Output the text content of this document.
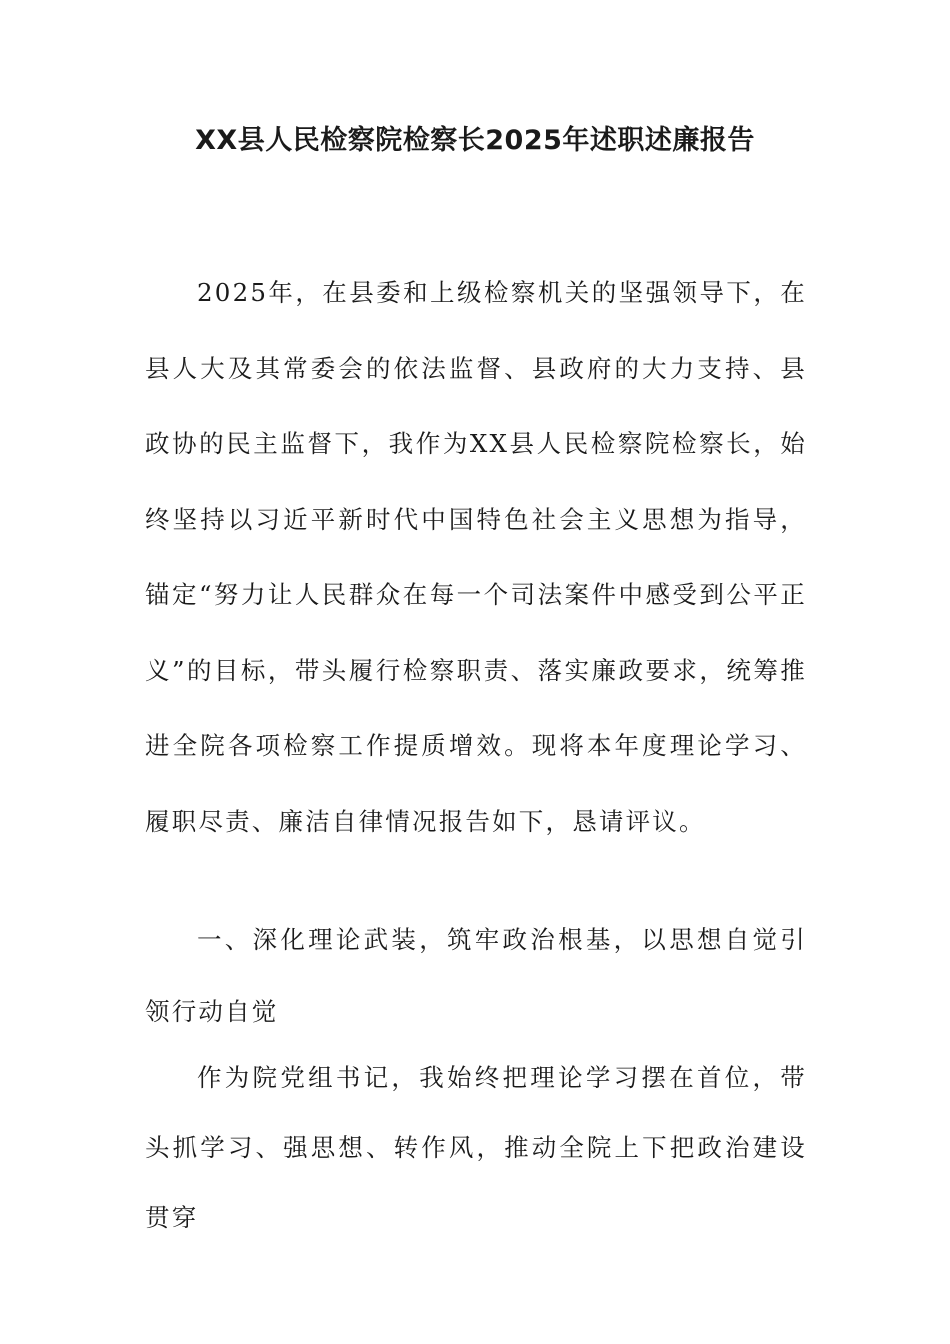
XX县人民检察院检察长2025年述职述廉报告

2025年，在县委和上级检察机关的坚强领导下，在县人大及其常委会的依法监督、县政府的大力支持、县政协的民主监督下，我作为XX县人民检察院检察长，始终坚持以习近平新时代中国特色社会主义思想为指导，锚定“努力让人民群众在每一个司法案件中感受到公平正义”的目标，带头履行检察职责、落实廉政要求，统筹推进全院各项检察工作提质增效。现将本年度理论学习、履职尽责、廉洁自律情况报告如下，恳请评议。

一、深化理论武装，筑牢政治根基，以思想自觉引领行动自觉

作为院党组书记，我始终把理论学习摆在首位，带头抓学习、强思想、转作风，推动全院上下把政治建设贯穿
